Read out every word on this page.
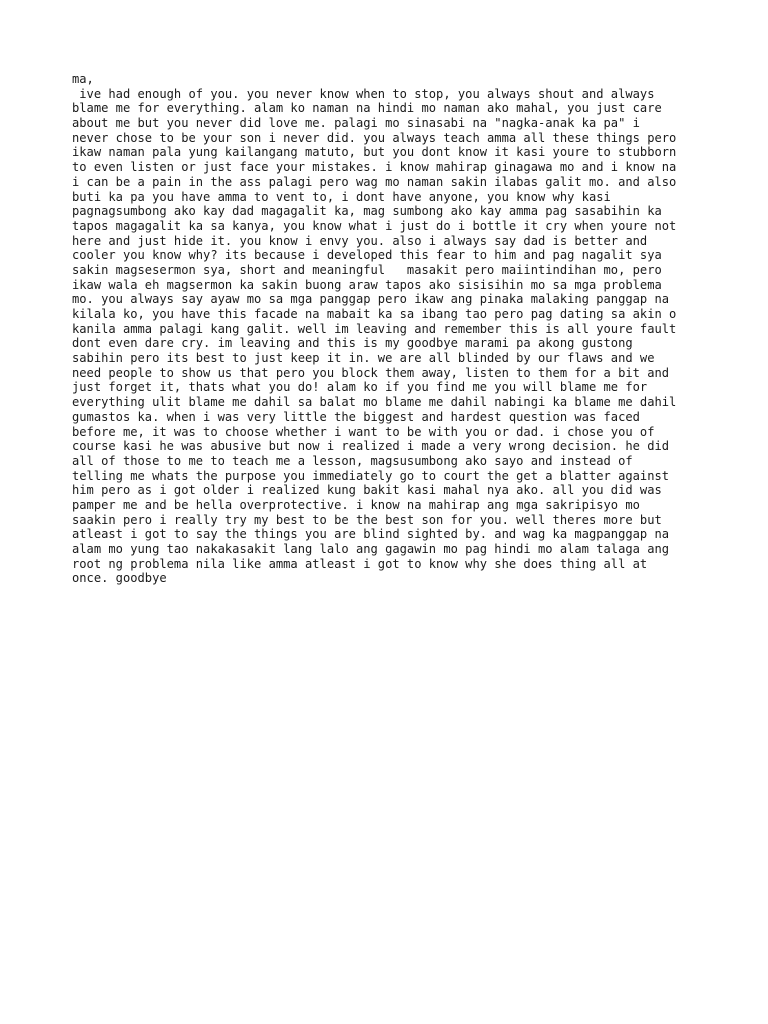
ma,
ive had enough of you. you never know when to stop, you always shout and always
blame me for everything. alam ko naman na hindi mo naman ako mahal, you just care
about me but you never did love me. palagi mo sinasabi na "nagka-anak ka pa" i
never chose to be your son i never did. you always teach amma all these things pero
ikaw naman pala yung kailangang matuto, but you dont know it kasi youre to stubborn
to even listen or just face your mistakes. i know mahirap ginagawa mo and i know na
i can be a pain in the ass palagi pero wag mo naman sakin ilabas galit mo. and also
buti ka pa you have amma to vent to, i dont have anyone, you know why kasi
pagnagsumbong ako kay dad magagalit ka, mag sumbong ako kay amma pag sasabihin ka
tapos magagalit ka sa kanya, you know what i just do i bottle it cry when youre not
here and just hide it. you know i envy you. also i always say dad is better and
cooler you know why? its because i developed this fear to him and pag nagalit sya
sakin magsesermon sya, short and meaningful   masakit pero maiintindihan mo, pero
ikaw wala eh magsermon ka sakin buong araw tapos ako sisisihin mo sa mga problema
mo. you always say ayaw mo sa mga panggap pero ikaw ang pinaka malaking panggap na
kilala ko, you have this facade na mabait ka sa ibang tao pero pag dating sa akin o
kanila amma palagi kang galit. well im leaving and remember this is all youre fault
dont even dare cry. im leaving and this is my goodbye marami pa akong gustong
sabihin pero its best to just keep it in. we are all blinded by our flaws and we
need people to show us that pero you block them away, listen to them for a bit and
just forget it, thats what you do! alam ko if you find me you will blame me for
everything ulit blame me dahil sa balat mo blame me dahil nabingi ka blame me dahil
gumastos ka. when i was very little the biggest and hardest question was faced
before me, it was to choose whether i want to be with you or dad. i chose you of
course kasi he was abusive but now i realized i made a very wrong decision. he did
all of those to me to teach me a lesson, magsusumbong ako sayo and instead of
telling me whats the purpose you immediately go to court the get a blatter against
him pero as i got older i realized kung bakit kasi mahal nya ako. all you did was
pamper me and be hella overprotective. i know na mahirap ang mga sakripisyo mo
saakin pero i really try my best to be the best son for you. well theres more but
atleast i got to say the things you are blind sighted by. and wag ka magpanggap na
alam mo yung tao nakakasakit lang lalo ang gagawin mo pag hindi mo alam talaga ang
root ng problema nila like amma atleast i got to know why she does thing all at
once. goodbye
